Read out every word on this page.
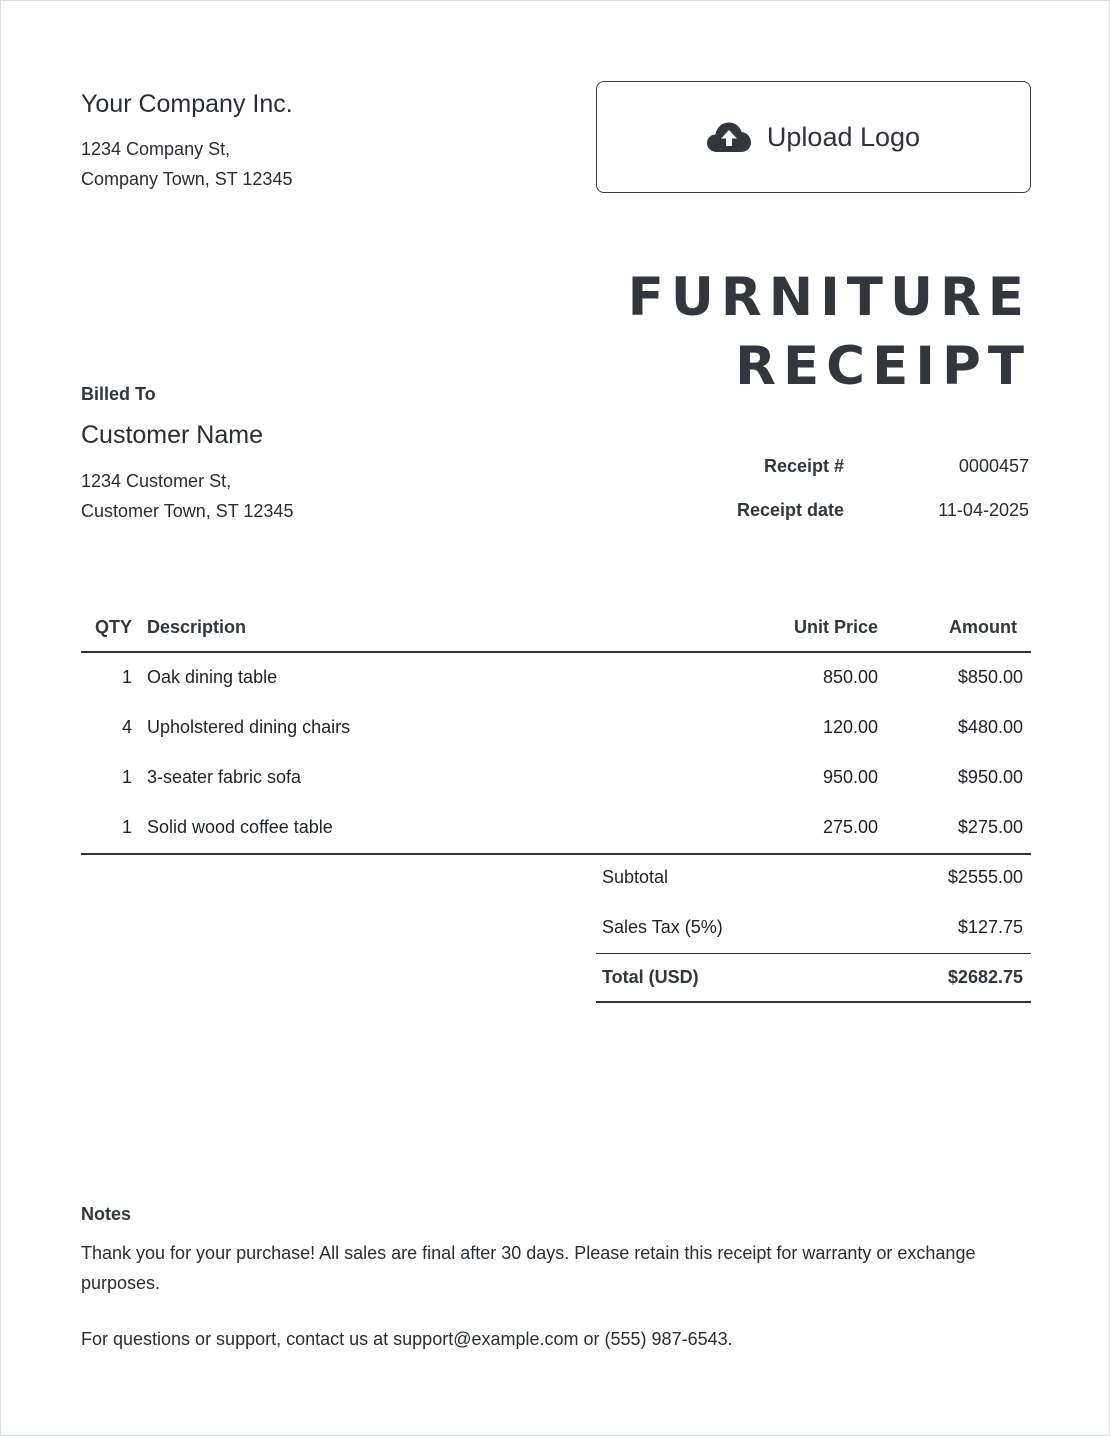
Your Company Inc.
1234 Company St,
Company Town, ST 12345
Upload Logo
FURNITURE
RECEIPT
Billed To
Customer Name
1234 Customer St,
Customer Town, ST 12345
Receipt #	0000457
Receipt date	11-04-2025
QTY Description	Unit Price	Amount
1 Oak dining table	850.00	$850.00
4 Upholstered dining chairs	120.00	$480.00
1 3-seater fabric sofa	950.00	$950.00
1 Solid wood coffee table	275.00	$275.00
Subtotal	$2555.00
Sales Tax (5%)	$127.75
Total (USD)	$2682.75
Notes
Thank you for your purchase! All sales are final after 30 days. Please retain this receipt for warranty or exchange purposes.
For questions or support, contact us at support@example.com or (555) 987-6543.
